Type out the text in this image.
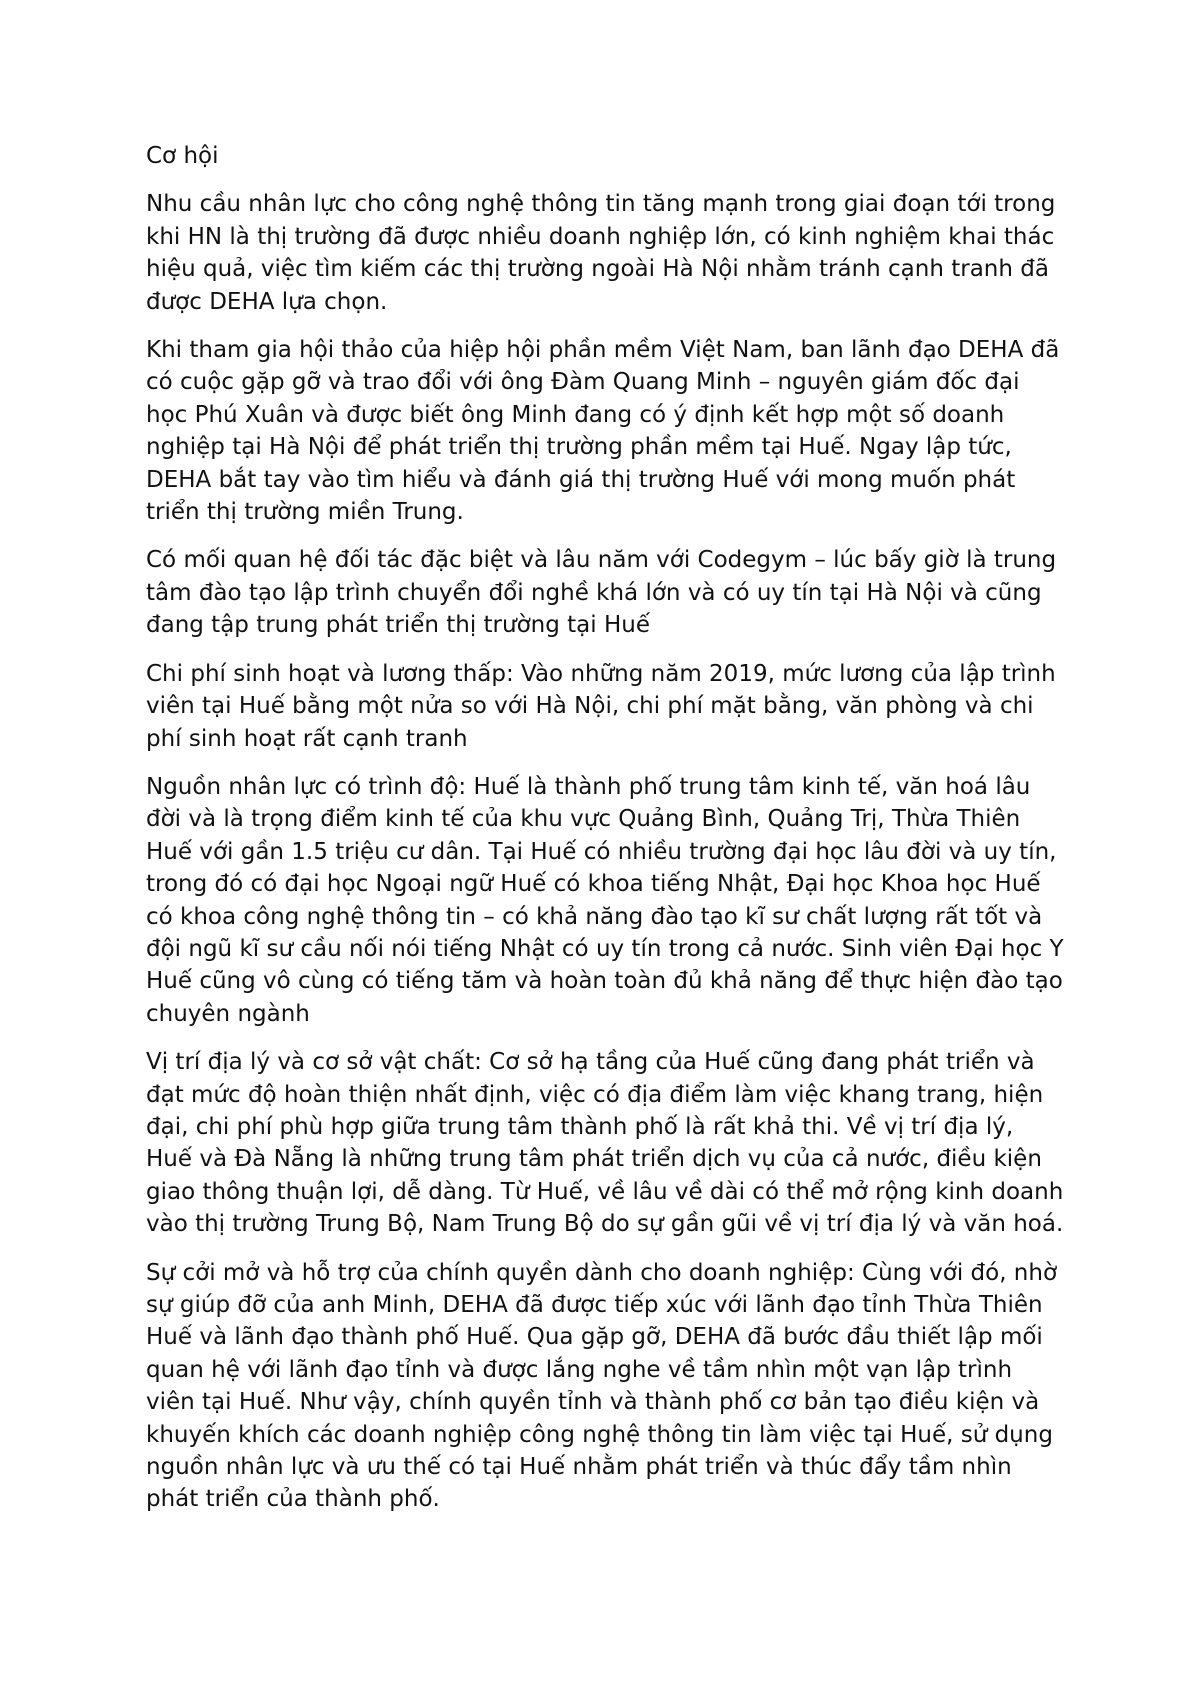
Cơ hội

Nhu cầu nhân lực cho công nghệ thông tin tăng mạnh trong giai đoạn tới trong khi HN là thị trường đã được nhiều doanh nghiệp lớn, có kinh nghiệm khai thác hiệu quả, việc tìm kiếm các thị trường ngoài Hà Nội nhằm tránh cạnh tranh đã được DEHA lựa chọn.

Khi tham gia hội thảo của hiệp hội phần mềm Việt Nam, ban lãnh đạo DEHA đã có cuộc gặp gỡ và trao đổi với ông Đàm Quang Minh – nguyên giám đốc đại học Phú Xuân và được biết ông Minh đang có ý định kết hợp một số doanh nghiệp tại Hà Nội để phát triển thị trường phần mềm tại Huế. Ngay lập tức, DEHA bắt tay vào tìm hiểu và đánh giá thị trường Huế với mong muốn phát triển thị trường miền Trung.

Có mối quan hệ đối tác đặc biệt và lâu năm với Codegym – lúc bấy giờ là trung tâm đào tạo lập trình chuyển đổi nghề khá lớn và có uy tín tại Hà Nội và cũng đang tập trung phát triển thị trường tại Huế

Chi phí sinh hoạt và lương thấp: Vào những năm 2019, mức lương của lập trình viên tại Huế bằng một nửa so với Hà Nội, chi phí mặt bằng, văn phòng và chi phí sinh hoạt rất cạnh tranh

Nguồn nhân lực có trình độ: Huế là thành phố trung tâm kinh tế, văn hoá lâu đời và là trọng điểm kinh tế của khu vực Quảng Bình, Quảng Trị, Thừa Thiên Huế với gần 1.5 triệu cư dân. Tại Huế có nhiều trường đại học lâu đời và uy tín, trong đó có đại học Ngoại ngữ Huế có khoa tiếng Nhật, Đại học Khoa học Huế có khoa công nghệ thông tin – có khả năng đào tạo kĩ sư chất lượng rất tốt và đội ngũ kĩ sư cầu nối nói tiếng Nhật có uy tín trong cả nước. Sinh viên Đại học Y Huế cũng vô cùng có tiếng tăm và hoàn toàn đủ khả năng để thực hiện đào tạo chuyên ngành

Vị trí địa lý và cơ sở vật chất: Cơ sở hạ tầng của Huế cũng đang phát triển và đạt mức độ hoàn thiện nhất định, việc có địa điểm làm việc khang trang, hiện đại, chi phí phù hợp giữa trung tâm thành phố là rất khả thi. Về vị trí địa lý, Huế và Đà Nẵng là những trung tâm phát triển dịch vụ của cả nước, điều kiện giao thông thuận lợi, dễ dàng. Từ Huế, về lâu về dài có thể mở rộng kinh doanh vào thị trường Trung Bộ, Nam Trung Bộ do sự gần gũi về vị trí địa lý và văn hoá.

Sự cởi mở và hỗ trợ của chính quyền dành cho doanh nghiệp: Cùng với đó, nhờ sự giúp đỡ của anh Minh, DEHA đã được tiếp xúc với lãnh đạo tỉnh Thừa Thiên Huế và lãnh đạo thành phố Huế. Qua gặp gỡ, DEHA đã bước đầu thiết lập mối quan hệ với lãnh đạo tỉnh và được lắng nghe về tầm nhìn một vạn lập trình viên tại Huế. Như vậy, chính quyền tỉnh và thành phố cơ bản tạo điều kiện và khuyến khích các doanh nghiệp công nghệ thông tin làm việc tại Huế, sử dụng nguồn nhân lực và ưu thế có tại Huế nhằm phát triển và thúc đẩy tầm nhìn phát triển của thành phố.
